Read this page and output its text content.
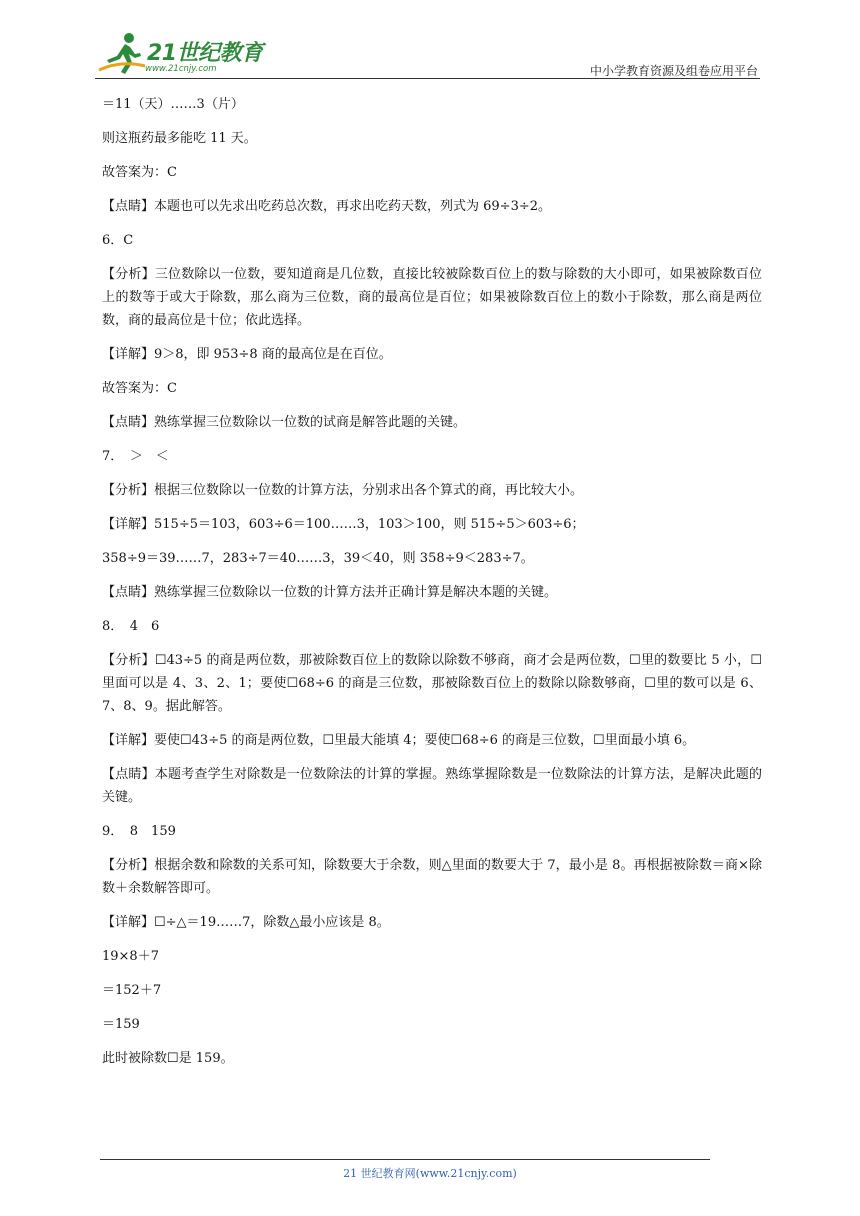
21世纪教育
www.21cnjy.com	中小学教育资源及组卷应用平台

＝11（天）……3（片）

则这瓶药最多能吃 11 天。

故答案为：C

【点睛】本题也可以先求出吃药总次数，再求出吃药天数，列式为 69÷3÷2。

6．C

【分析】三位数除以一位数，要知道商是几位数，直接比较被除数百位上的数与除数的大小即可，如果被除数百位上的数等于或大于除数，那么商为三位数，商的最高位是百位；如果被除数百位上的数小于除数，那么商是两位数，商的最高位是十位；依此选择。

【详解】9＞8，即 953÷8 商的最高位是在百位。

故答案为：C

【点睛】熟练掌握三位数除以一位数的试商是解答此题的关键。

7．　＞　＜

【分析】根据三位数除以一位数的计算方法，分别求出各个算式的商，再比较大小。

【详解】515÷5＝103，603÷6＝100……3，103＞100，则 515÷5＞603÷6；

358÷9＝39……7，283÷7＝40……3，39＜40，则 358÷9＜283÷7。

【点睛】熟练掌握三位数除以一位数的计算方法并正确计算是解决本题的关键。

8．　4　6

【分析】☐43÷5 的商是两位数，那被除数百位上的数除以除数不够商，商才会是两位数，☐里的数要比 5 小，☐里面可以是 4、3、2、1；要使☐68÷6 的商是三位数，那被除数百位上的数除以除数够商，☐里的数可以是 6、7、8、9。据此解答。

【详解】要使☐43÷5 的商是两位数，☐里最大能填 4；要使☐68÷6 的商是三位数，☐里面最小填 6。

【点睛】本题考查学生对除数是一位数除法的计算的掌握。熟练掌握除数是一位数除法的计算方法，是解决此题的关键。

9．　8　159

【分析】根据余数和除数的关系可知，除数要大于余数，则△里面的数要大于 7，最小是 8。再根据被除数＝商×除数＋余数解答即可。

【详解】☐÷△＝19……7，除数△最小应该是 8。

19×8＋7

＝152＋7

＝159

此时被除数☐是 159。

21 世纪教育网(www.21cnjy.com)
